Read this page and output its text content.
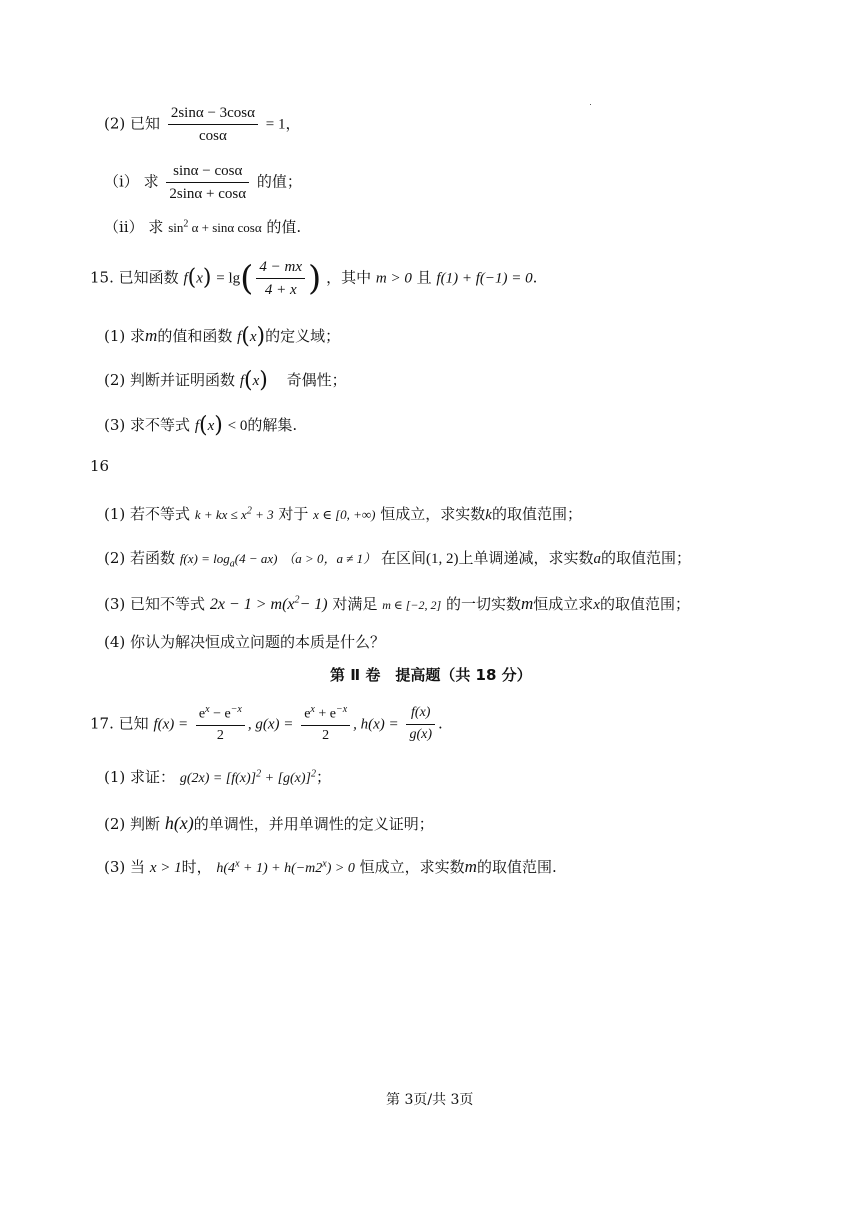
(2) 已知 $\frac{2\sin\alpha - 3\cos\alpha}{\cos\alpha} = 1$，
（ⅰ） 求 $\frac{\sin\alpha - \cos\alpha}{2\sin\alpha + \cos\alpha}$ 的值；
（ⅱ） 求 $\sin^2 \alpha + \sin\alpha$ cosα 的值.
15. 已知函数 $f(x) = \lg( \frac{4 - mx}{4 + x}$ ) ，其中 m > 0 且 f(1) + f(−1) = 0.
(1) 求m的值和函数 f(x)的定义域；
(2) 判断并证明函数 f(x) 奇偶性；
(3) 求不等式 f(x) < 0的解集.
16
(1) 若不等式 k + kx ≤ $x^2 + 3$ 对于 x ∈ [0, +∞) 恒成立，求实数k的取值范围；
(2) 若函数 $f(x) = \log_a(4 - ax) (a > 0$，a ≠ 1） 在区间(1, 2)上单调递减，求实数a的取值范围；
(3) 已知不等式 $2x - 1 > m(x^2- 1)$ 对满足 m ∈ [−2, 2] 的一切实数m恒成立求x的取值范围；
(4) 你认为解决恒成立问题的本质是什么？
第 Ⅱ 卷　提高题（共 18 分）
17. 已知 $f(x) = \frac{e^x - e^{-x}}{2}$ , $g(x) = \frac{e^x + e^{-x}}{2}$ , $h(x) = \frac{f(x)}{g(x)}$ .
(1) 求证： $g(2x) = [f(x)]^2 + [g(x)]^2$；
(2) 判断 h(x)的单调性，并用单调性的定义证明；
(3) 当 x > 1时， $h(4^x + 1) + h(-m2^x) > 0$ 恒成立，求实数m的取值范围.
第 3页/共 3页
